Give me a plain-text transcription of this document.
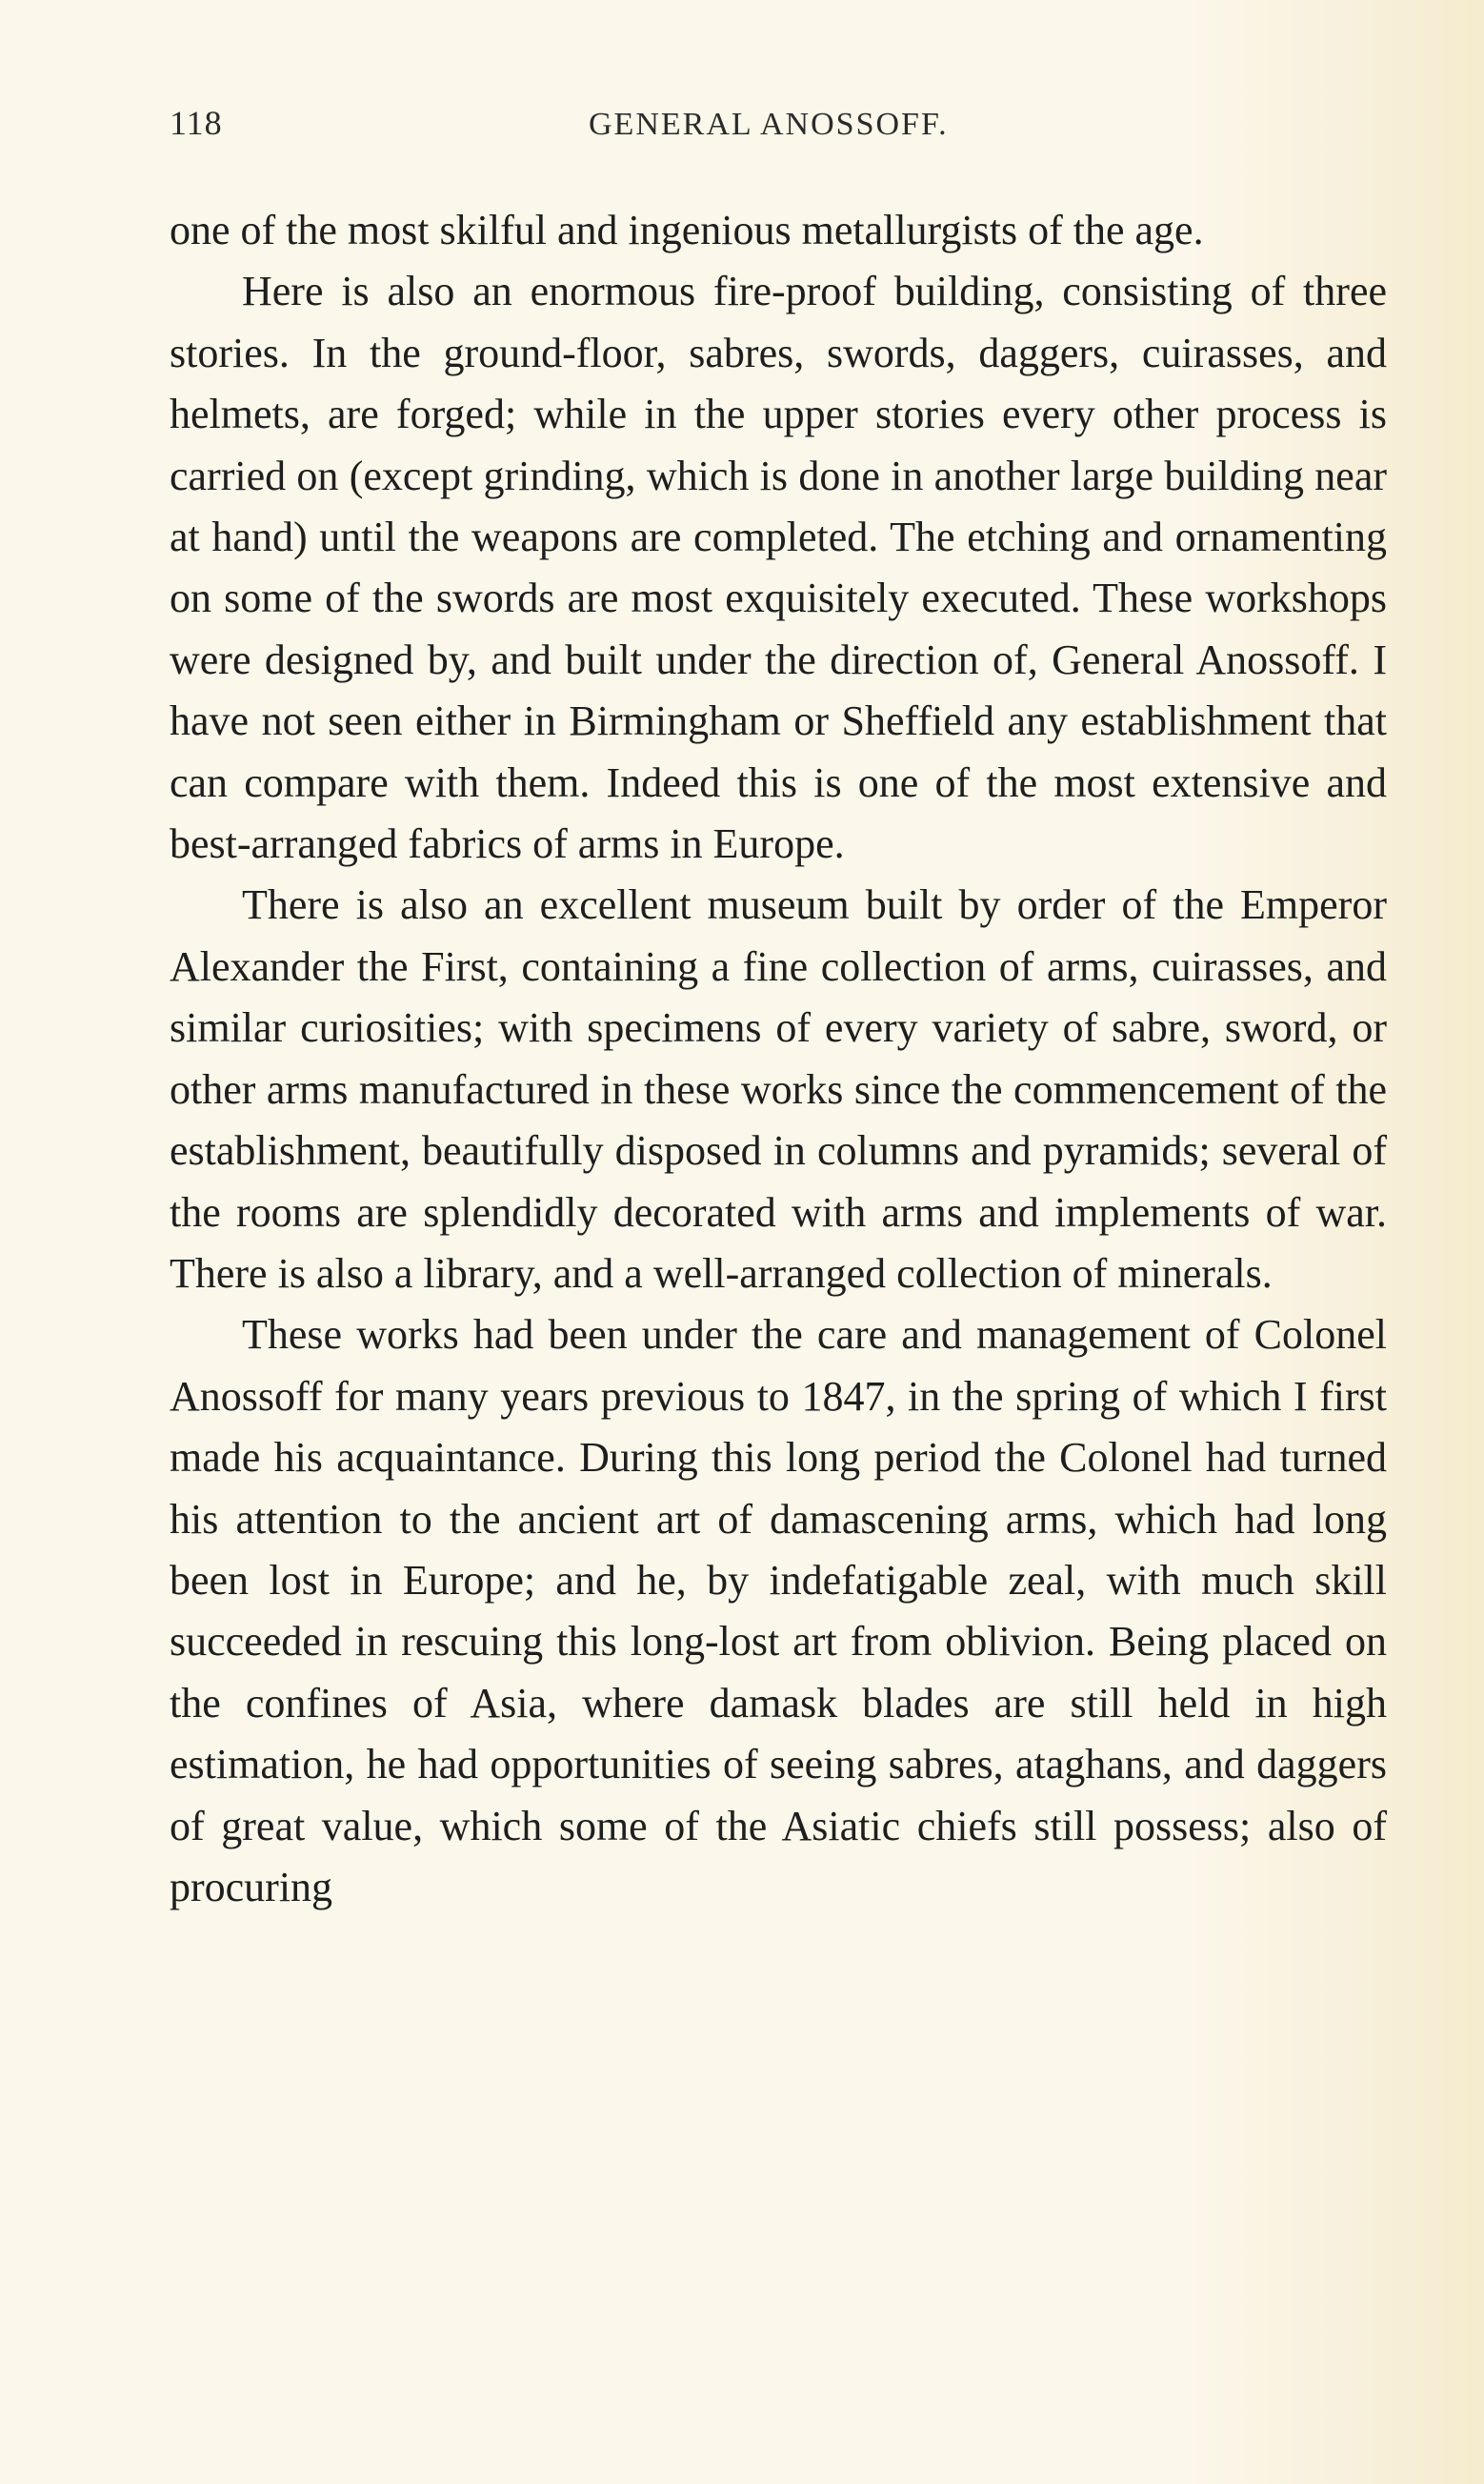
118	GENERAL ANOSSOFF.

one of the most skilful and ingenious metallurgists of the age.

Here is also an enormous fire-proof building, consisting of three stories. In the ground-floor, sabres, swords, daggers, cuirasses, and helmets, are forged; while in the upper stories every other process is carried on (except grinding, which is done in another large building near at hand) until the weapons are completed. The etching and ornamenting on some of the swords are most exquisitely executed. These workshops were designed by, and built under the direction of, General Anossoff. I have not seen either in Birmingham or Sheffield any establishment that can compare with them. Indeed this is one of the most extensive and best-arranged fabrics of arms in Europe.

There is also an excellent museum built by order of the Emperor Alexander the First, containing a fine collection of arms, cuirasses, and similar curiosities; with specimens of every variety of sabre, sword, or other arms manufactured in these works since the commencement of the establishment, beautifully disposed in columns and pyramids; several of the rooms are splendidly decorated with arms and implements of war. There is also a library, and a well-arranged collection of minerals.

These works had been under the care and management of Colonel Anossoff for many years previous to 1847, in the spring of which I first made his acquaintance. During this long period the Colonel had turned his attention to the ancient art of damascening arms, which had long been lost in Europe; and he, by indefatigable zeal, with much skill succeeded in rescuing this long-lost art from oblivion. Being placed on the confines of Asia, where damask blades are still held in high estimation, he had opportunities of seeing sabres, ataghans, and daggers of great value, which some of the Asiatic chiefs still possess; also of procuring
